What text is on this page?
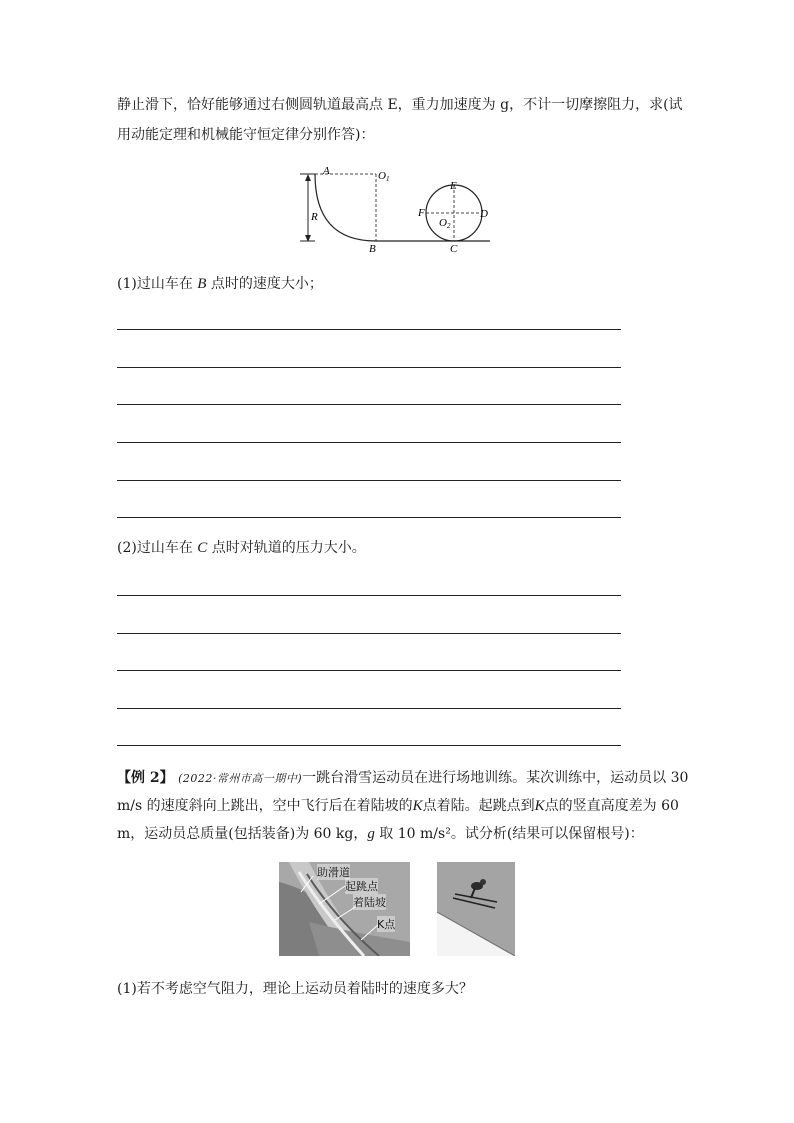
静止滑下，恰好能够通过右侧圆轨道最高点 E，重力加速度为 g，不计一切摩擦阻力，求(试
用动能定理和机械能守恒定律分别作答)：
A	O1
R
B
E
F	D
O2
C
(1)过山车在 B 点时的速度大小；
(2)过山车在 C 点时对轨道的压力大小。
【例 2】 (2022·常州市高一期中)一跳台滑雪运动员在进行场地训练。某次训练中，运动员以 30
m/s 的速度斜向上跳出，空中飞行后在着陆坡的K点着陆。起跳点到K点的竖直高度差为 60
m，运动员总质量(包括装备)为 60 kg，g 取 10 m/s²。试分析(结果可以保留根号)：
助滑道
起跳点
着陆坡
K点
(1)若不考虑空气阻力，理论上运动员着陆时的速度多大？
